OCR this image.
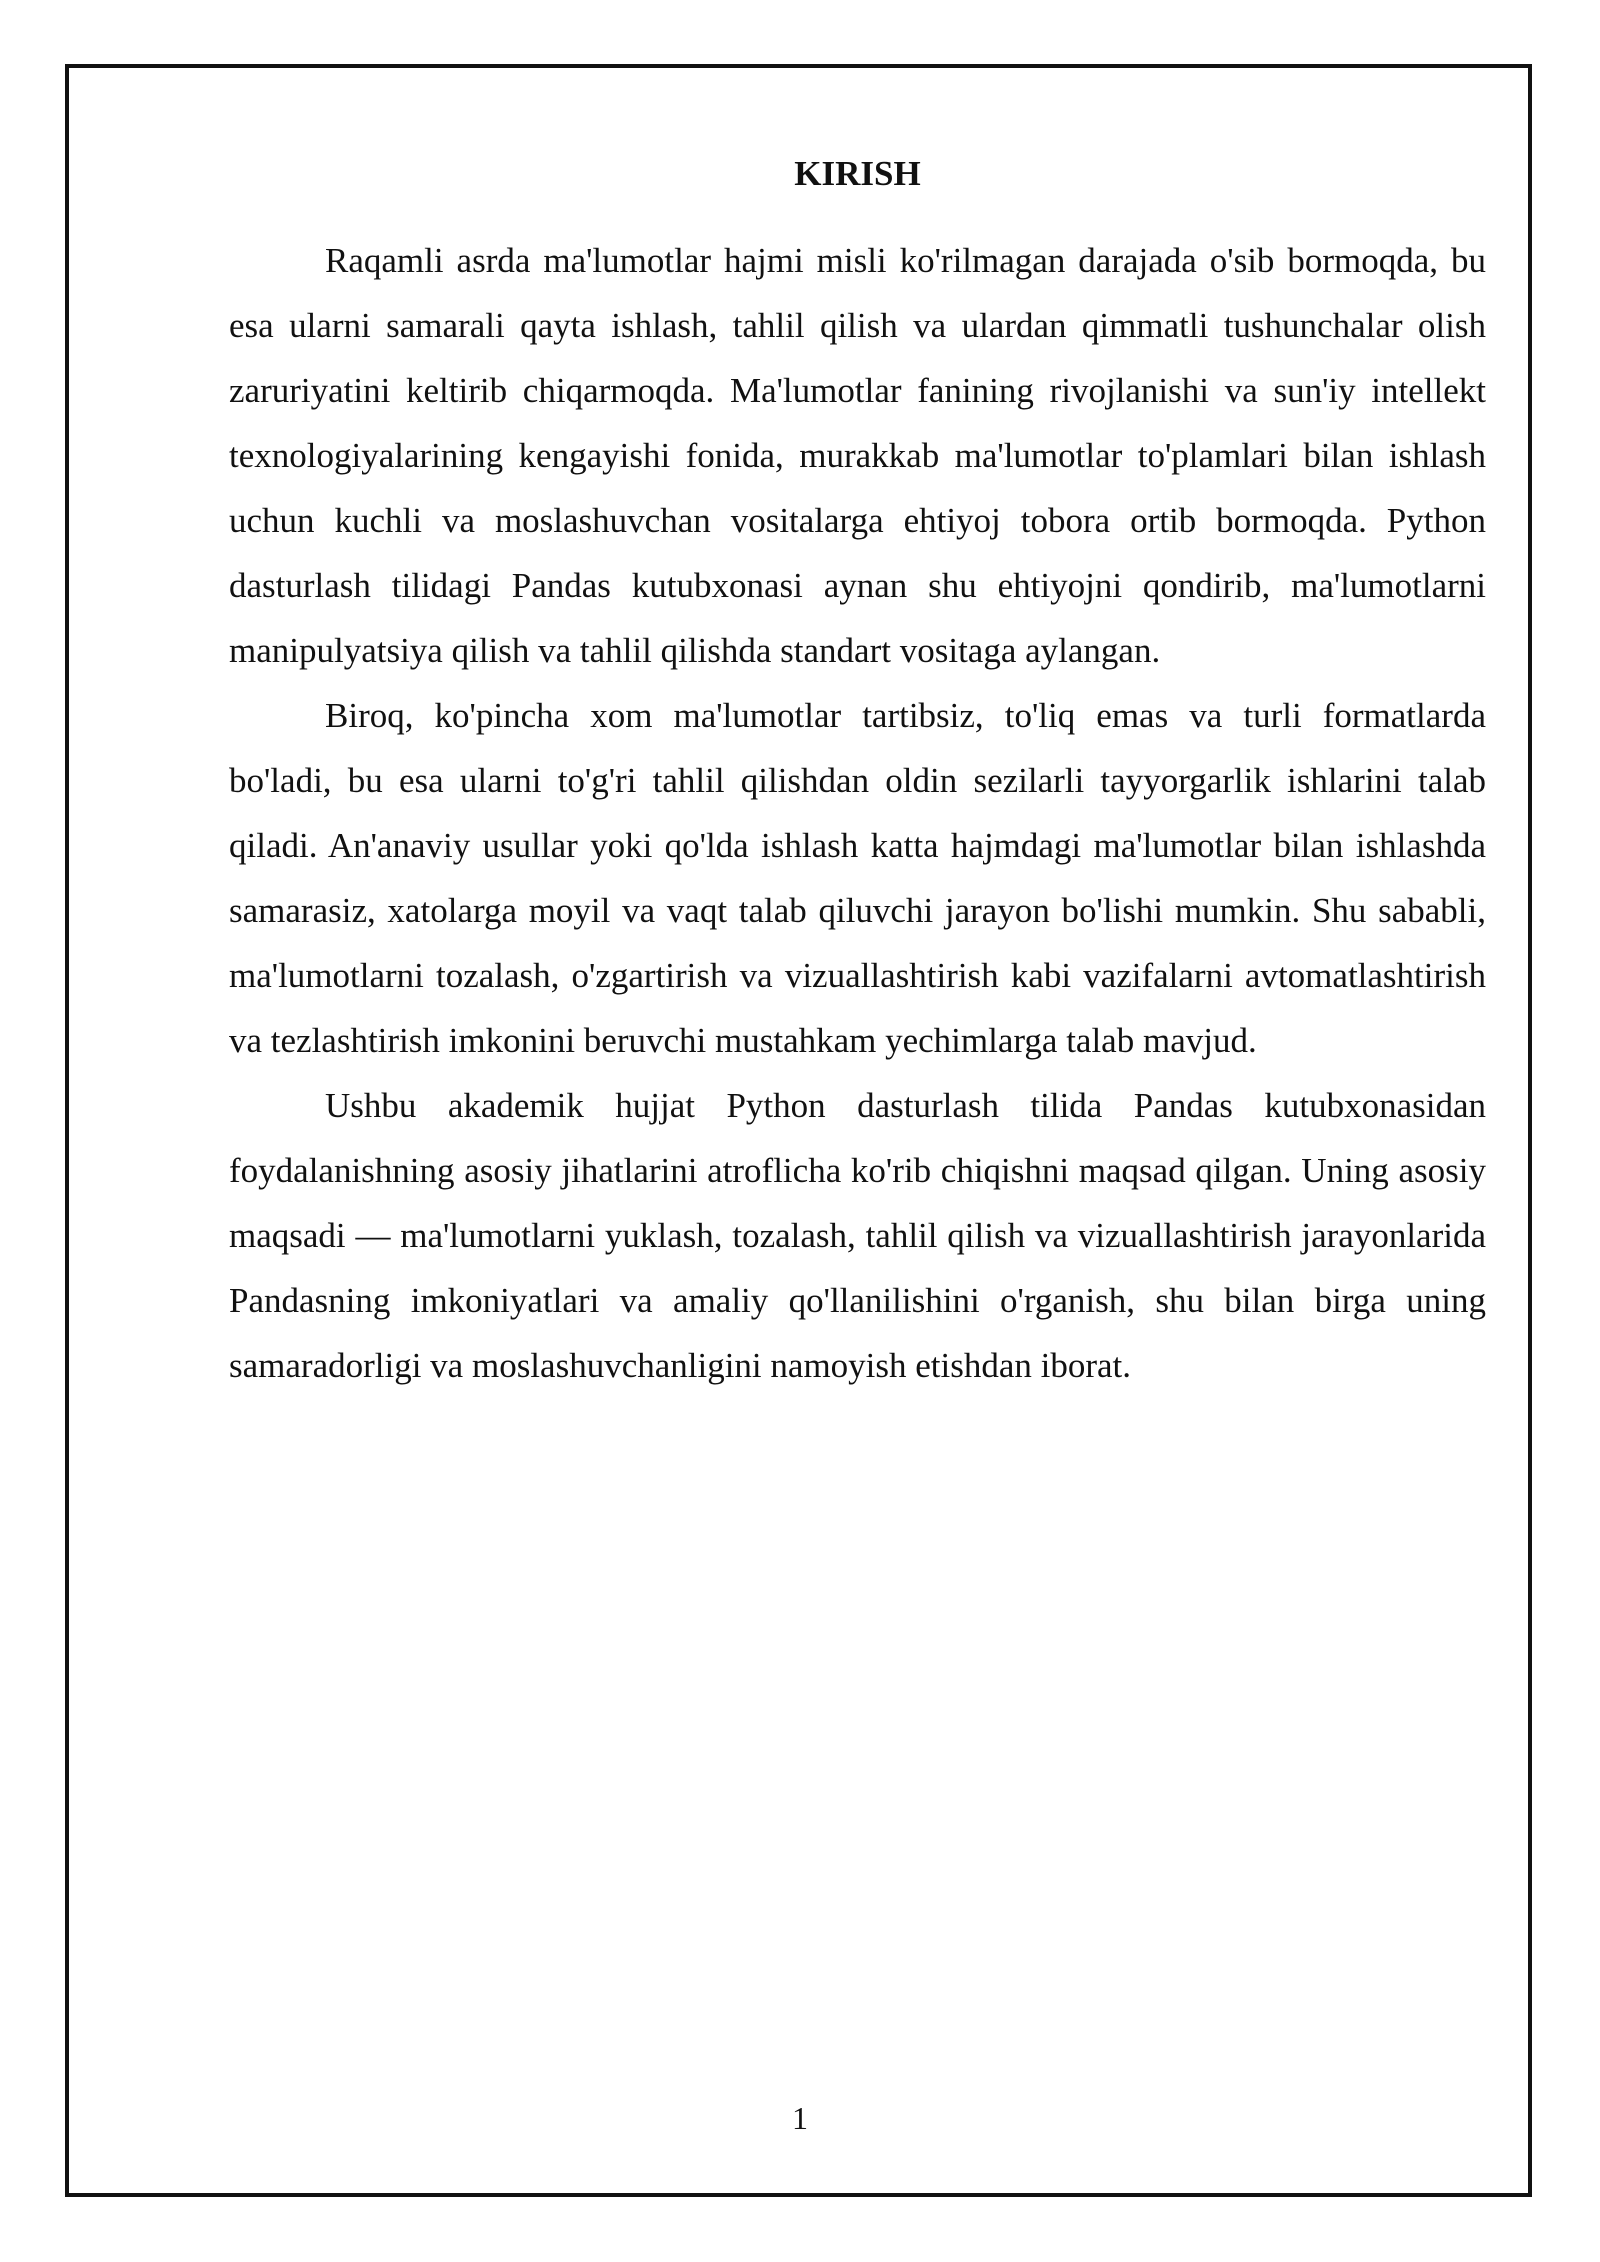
KIRISH

Raqamli asrda ma'lumotlar hajmi misli ko'rilmagan darajada o'sib bormoqda, bu esa ularni samarali qayta ishlash, tahlil qilish va ulardan qimmatli tushunchalar olish zaruriyatini keltirib chiqarmoqda. Ma'lumotlar fanining rivojlanishi va sun'iy intellekt texnologiyalarining kengayishi fonida, murakkab ma'lumotlar to'plamlari bilan ishlash uchun kuchli va moslashuvchan vositalarga ehtiyoj tobora ortib bormoqda. Python dasturlash tilidagi Pandas kutubxonasi aynan shu ehtiyojni qondirib, ma'lumotlarni manipulyatsiya qilish va tahlil qilishda standart vositaga aylangan.

Biroq, ko'pincha xom ma'lumotlar tartibsiz, to'liq emas va turli formatlarda bo'ladi, bu esa ularni to'g'ri tahlil qilishdan oldin sezilarli tayyorgarlik ishlarini talab qiladi. An'anaviy usullar yoki qo'lda ishlash katta hajmdagi ma'lumotlar bilan ishlashda samarasiz, xatolarga moyil va vaqt talab qiluvchi jarayon bo'lishi mumkin. Shu sababli, ma'lumotlarni tozalash, o'zgartirish va vizuallashtirish kabi vazifalarni avtomatlashtirish va tezlashtirish imkonini beruvchi mustahkam yechimlarga talab mavjud.

Ushbu akademik hujjat Python dasturlash tilida Pandas kutubxonasidan foydalanishning asosiy jihatlarini atroflicha ko'rib chiqishni maqsad qilgan. Uning asosiy maqsadi — ma'lumotlarni yuklash, tozalash, tahlil qilish va vizuallashtirish jarayonlarida Pandasning imkoniyatlari va amaliy qo'llanilishini o'rganish, shu bilan birga uning samaradorligi va moslashuvchanligini namoyish etishdan iborat.

1
